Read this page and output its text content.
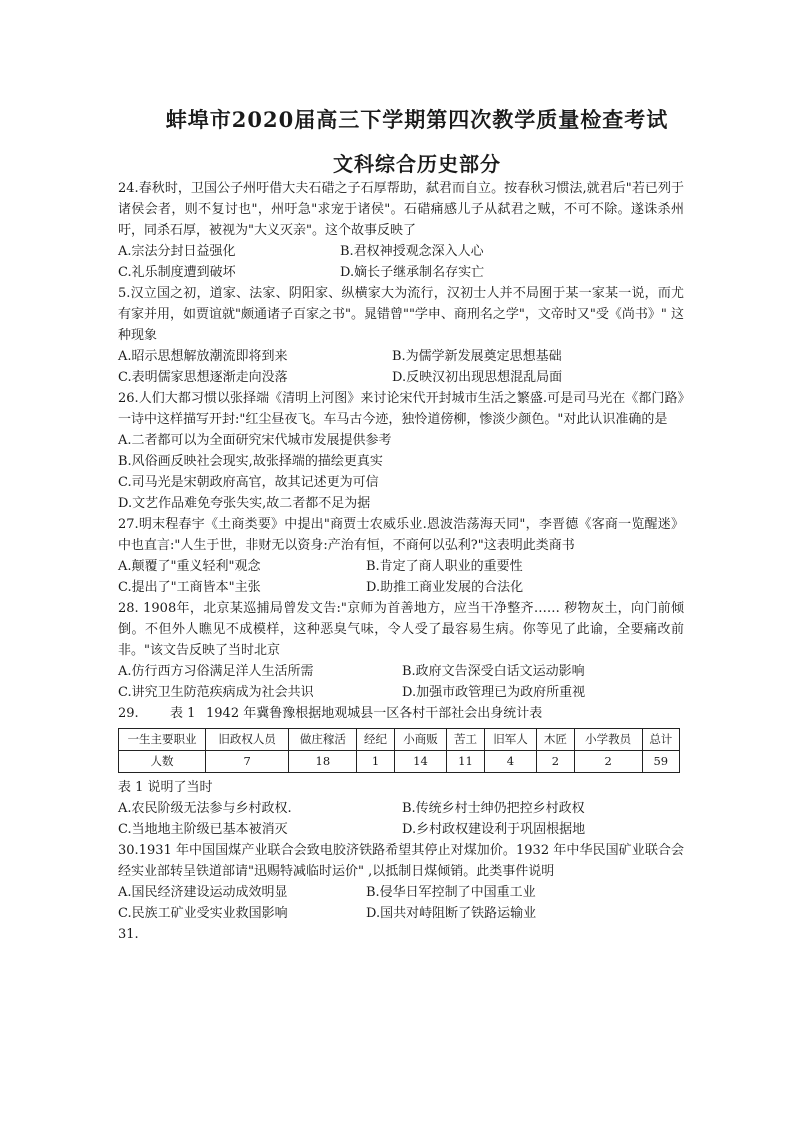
蚌埠市2020届高三下学期第四次教学质量检查考试
文科综合历史部分

24.春秋时，卫国公子州吁借大夫石碏之子石厚帮助，弑君而自立。按春秋习惯法,就君后"若已列于诸侯会者，则不复讨也"，州吁急"求宠于诸侯"。石碏痛感儿子从弑君之贼，不可不除。遂诛杀州吁，同杀石厚，被视为"大义灭亲"。这个故事反映了

A.宗法分封日益强化	B.君权神授观念深入人心
C.礼乐制度遭到破坏	D.嫡长子继承制名存实亡

5.汉立国之初，道家、法家、阴阳家、纵横家大为流行，汉初士人并不局囿于某一家某一说，而尤有家并用，如贾谊就"颇通诸子百家之书"。晁错曾""学申、商刑名之学"，文帝时又"受《尚书》" 这种现象

A.昭示思想解放潮流即将到来	B.为儒学新发展奠定思想基础
C.表明儒家思想逐渐走向没落	D.反映汉初出现思想混乱局面

26.人们大都习惯以张择端《清明上河图》来讨论宋代开封城市生活之繁盛.可是司马光在《都门路》一诗中这样描写开封:"红尘昼夜飞。车马古今迹，独怜道傍柳，惨淡少颜色。"对此认识准确的是

A.二者都可以为全面研究宋代城市发展提供参考

B.风俗画反映社会现实,故张择端的描绘更真实

C.司马光是宋朝政府高官，故其记述更为可信

D.文艺作品难免夸张失实,故二者都不足为据

27.明末程春宇《土商类要》中提出"商贾士农威乐业.恩波浩荡海天同"，李晋德《客商一览醒迷》中也直言:"人生于世，非财无以资身:产治有恒，不商何以弘利?"这表明此类商书

A.颠覆了"重义轻利"观念	B.肯定了商人职业的重要性
C.提出了"工商皆本"主张	D.助推工商业发展的合法化

28. 1908年，北京某巡捕局曾发文告:"京师为首善地方，应当干净整齐…… 秽物灰土，向门前倾倒。不但外人瞧见不成模样，这种恶臭气味，令人受了最容易生病。你等见了此谕，全要痛改前非。"该文告反映了当时北京

A.仿行西方习俗满足洋人生活所需	B.政府文告深受白话文运动影响
C.讲究卫生防范疾病成为社会共识	D.加强市政管理已为政府所重视
29.	表 1 1942 年冀鲁豫根据地观城县一区各村干部社会出身统计表
一生主要职业	旧政权人员	做庄稼活	经纪	小商贩	苦工	旧军人	木匠	小学教员	总计
人数	7	18	1	14	11	4	2	2	59

表 1 说明了当时

A.农民阶级无法参与乡村政权.	B.传统乡村士绅仍把控乡村政权
C.当地地主阶级已基本被消灭	D.乡村政权建设利于巩固根据地

30.1931 年中国国煤产业联合会致电胶济铁路希望其停止对煤加价。1932 年中华民国矿业联合会经实业部转呈铁道部请"迅赐特减临时运价" ,以抵制日煤倾销。此类事件说明

A.国民经济建设运动成效明显	B.侵华日军控制了中国重工业
C.民族工矿业受实业救国影响	D.国共对峙阻断了铁路运输业

31.
